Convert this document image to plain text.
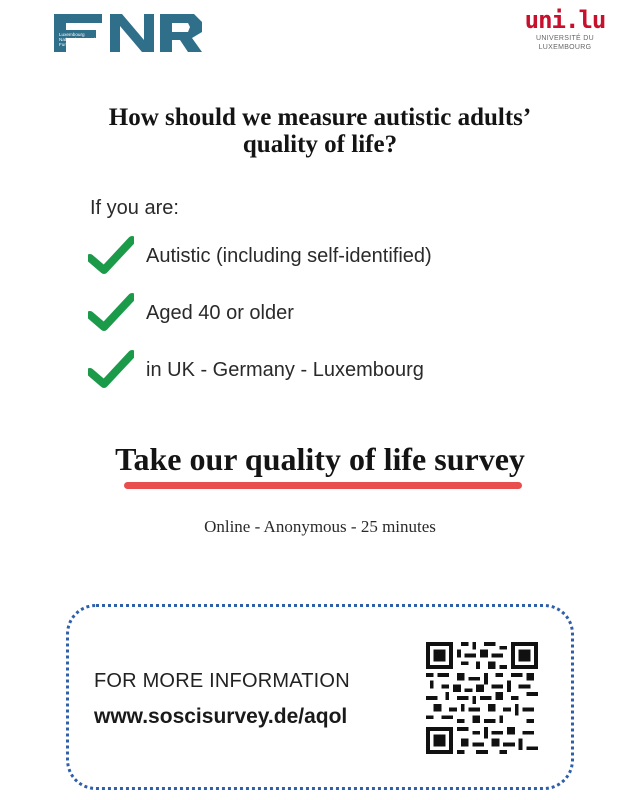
Luxembourg National Research Fund
uni.lu
UNIVERSITÉ DU
LUXEMBOURG
How should we measure autistic adults’
quality of life?
If you are:
Autistic (including self-identified)
Aged 40 or older
in UK - Germany - Luxembourg
Take our quality of life survey
Online - Anonymous - 25 minutes
FOR MORE INFORMATION
www.soscisurvey.de/aqol
